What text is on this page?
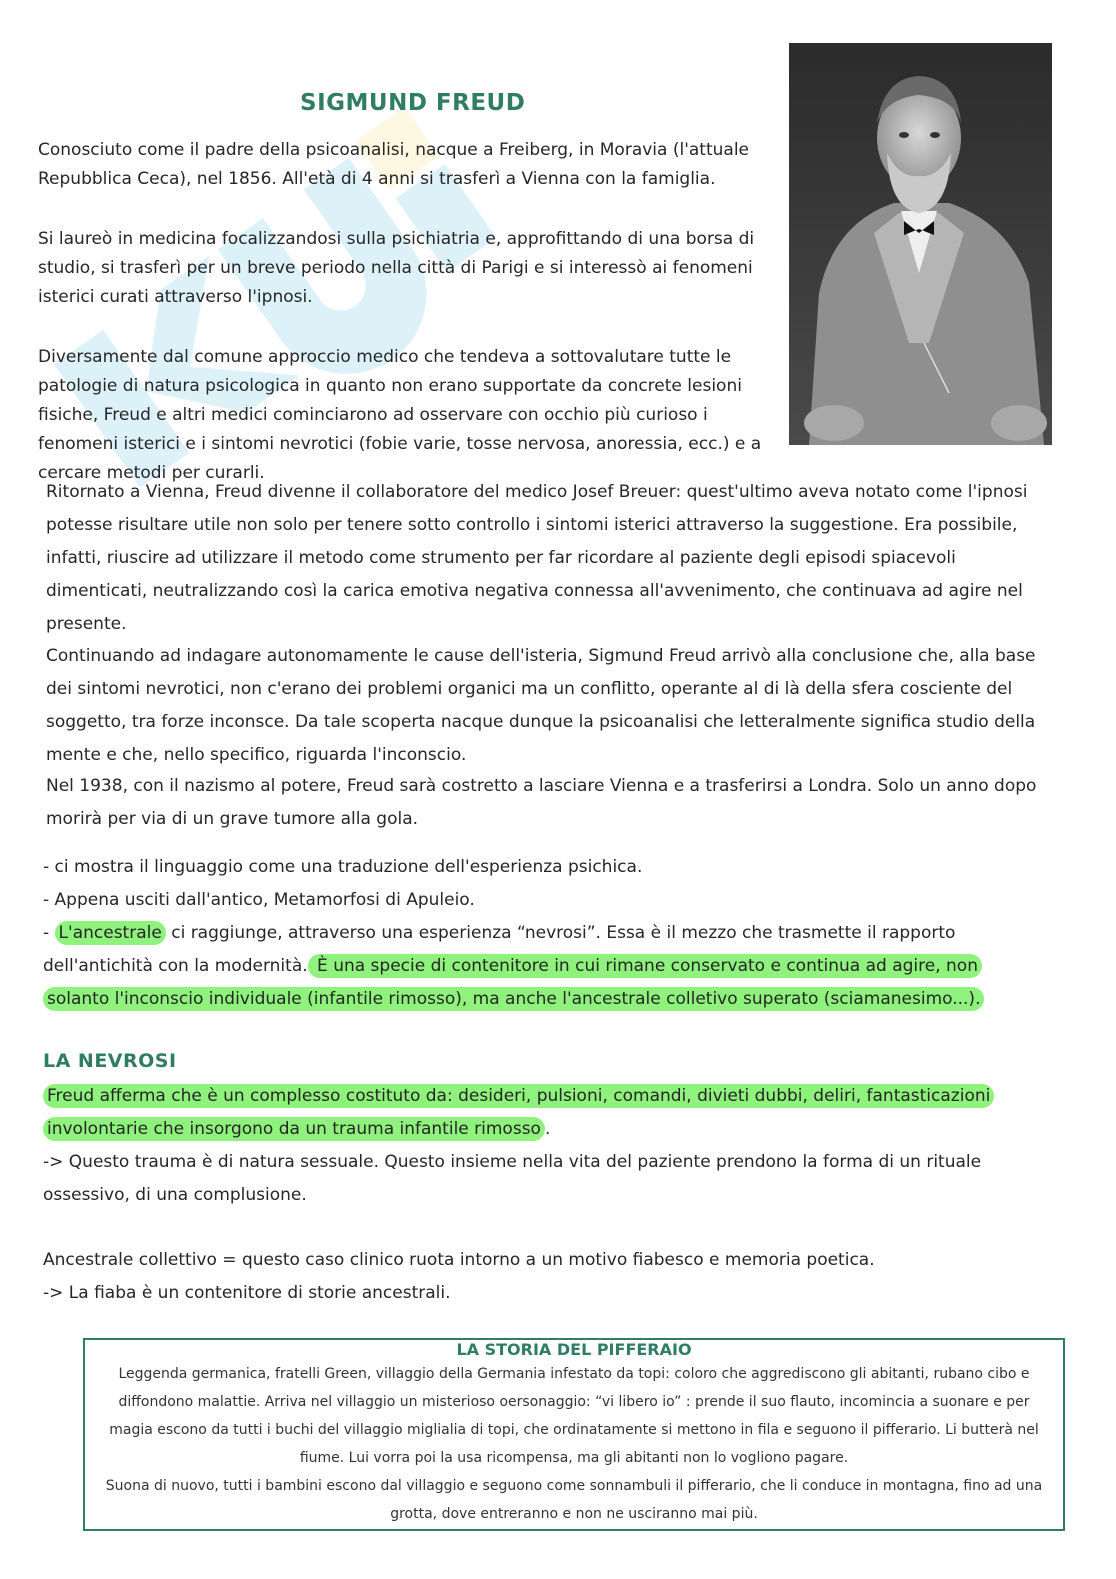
SIGMUND FREUD

Conosciuto come il padre della psicoanalisi, nacque a Freiberg, in Moravia (l'attuale Repubblica Ceca), nel 1856. All'età di 4 anni si trasferì a Vienna con la famiglia.

Si laureò in medicina focalizzandosi sulla psichiatria e, approfittando di una borsa di studio, si trasferì per un breve periodo nella città di Parigi e si interessò ai fenomeni isterici curati attraverso l'ipnosi.

Diversamente dal comune approccio medico che tendeva a sottovalutare tutte le patologie di natura psicologica in quanto non erano supportate da concrete lesioni fisiche, Freud e altri medici cominciarono ad osservare con occhio più curioso i fenomeni isterici e i sintomi nevrotici (fobie varie, tosse nervosa, anoressia, ecc.) e a cercare metodi per curarli.

Ritornato a Vienna, Freud divenne il collaboratore del medico Josef Breuer: quest'ultimo aveva notato come l'ipnosi potesse risultare utile non solo per tenere sotto controllo i sintomi isterici attraverso la suggestione. Era possibile, infatti, riuscire ad utilizzare il metodo come strumento per far ricordare al paziente degli episodi spiacevoli dimenticati, neutralizzando così la carica emotiva negativa connessa all'avvenimento, che continuava ad agire nel presente.

Continuando ad indagare autonomamente le cause dell'isteria, Sigmund Freud arrivò alla conclusione che, alla base dei sintomi nevrotici, non c'erano dei problemi organici ma un conflitto, operante al di là della sfera cosciente del soggetto, tra forze inconsce. Da tale scoperta nacque dunque la psicoanalisi che letteralmente significa studio della mente e che, nello specifico, riguarda l'inconscio.

Nel 1938, con il nazismo al potere, Freud sarà costretto a lasciare Vienna e a trasferirsi a Londra. Solo un anno dopo morirà per via di un grave tumore alla gola.

- ci mostra il linguaggio come una traduzione dell'esperienza psichica.

- Appena usciti dall'antico, Metamorfosi di Apuleio.

- L'ancestrale ci raggiunge, attraverso una esperienza “nevrosi”. Essa è il mezzo che trasmette il rapporto dell'antichità con la modernità. È una specie di contenitore in cui rimane conservato e continua ad agire, non solanto l'inconscio individuale (infantile rimosso), ma anche l'ancestrale colletivo superato (sciamanesimo...).

LA NEVROSI

Freud afferma che è un complesso costituto da: desideri, pulsioni, comandi, divieti dubbi, deliri, fantasticazioni involontarie che insorgono da un trauma infantile rimosso .

-> Questo trauma è di natura sessuale. Questo insieme nella vita del paziente prendono la forma di un rituale ossessivo, di una complusione.

Ancestrale collettivo = questo caso clinico ruota intorno a un motivo fiabesco e memoria poetica.

-> La fiaba è un contenitore di storie ancestrali.

LA STORIA DEL PIFFERAIO

Leggenda germanica, fratelli Green, villaggio della Germania infestato da topi: coloro che aggrediscono gli abitanti, rubano cibo e diffondono malattie. Arriva nel villaggio un misterioso oersonaggio: “vi libero io” : prende il suo flauto, incomincia a suonare e per magia escono da tutti i buchi del villaggio miglialia di topi, che ordinatamente si mettono in fila e seguono il pifferario. Li butterà nel fiume. Lui vorra poi la usa ricompensa, ma gli abitanti non lo vogliono pagare.

Suona di nuovo, tutti i bambini escono dal villaggio e seguono come sonnambuli il pifferario, che li conduce in montagna, fino ad una grotta, dove entreranno e non ne usciranno mai più.
